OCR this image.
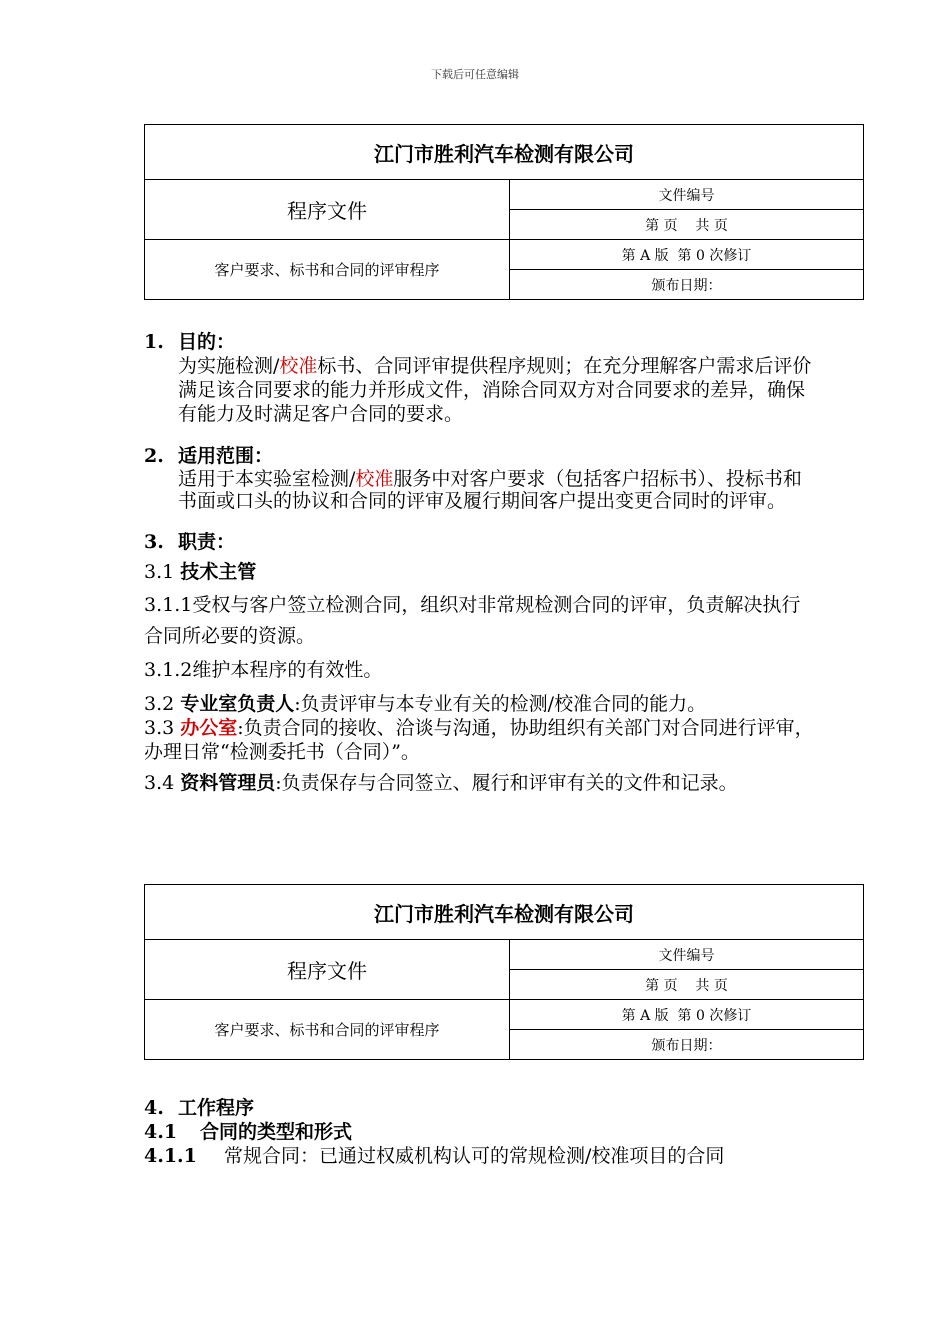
下载后可任意编辑
江门市胜利汽车检测有限公司	
程序文件	文件编号
	第 页    共 页
客户要求、标书和合同的评审程序	第 A 版  第 0 次修订
	颁布日期：

1. 目的：

为实施检测/校准标书、合同评审提供程序规则；在充分理解客户需求后评价满足该合同要求的能力并形成文件，消除合同双方对合同要求的差异，确保有能力及时满足客户合同的要求。

2. 适用范围：

适用于本实验室检测/校准服务中对客户要求（包括客户招标书）、投标书和书面或口头的协议和合同的评审及履行期间客户提出变更合同时的评审。

3. 职责：

3.1 技术主管

3.1.1受权与客户签立检测合同，组织对非常规检测合同的评审，负责解决执行合同所必要的资源。

3.1.2维护本程序的有效性。

3.2 专业室负责人:负责评审与本专业有关的检测/校准合同的能力。

3.3 办公室:负责合同的接收、洽谈与沟通，协助组织有关部门对合同进行评审，办理日常“检测委托书（合同）”。

3.4 资料管理员:负责保存与合同签立、履行和评审有关的文件和记录。

江门市胜利汽车检测有限公司	
程序文件	文件编号
	第 页    共 页
客户要求、标书和合同的评审程序	第 A 版  第 0 次修订
	颁布日期：

4. 工作程序

4.1 合同的类型和形式

4.1.1 常规合同：已通过权威机构认可的常规检测/校准项目的合同
